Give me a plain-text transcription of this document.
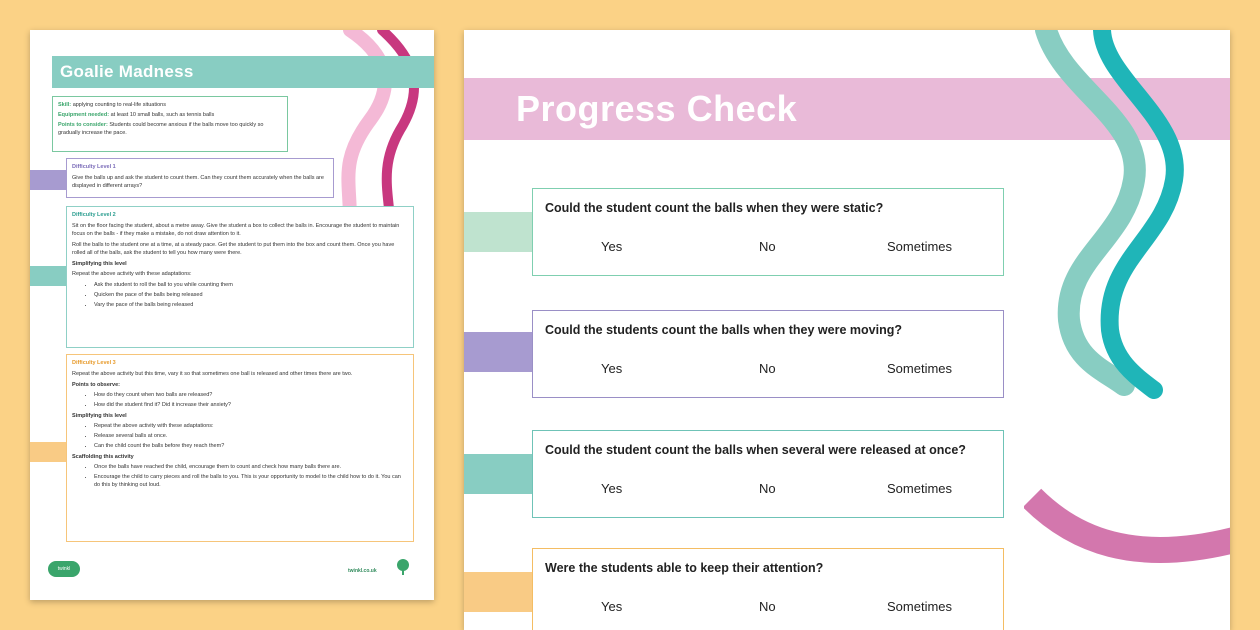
Goalie Madness
Skill: applying counting to real-life situations
Equipment needed: at least 10 small balls, such as tennis balls
Points to consider: Students could become anxious if the balls move too quickly so gradually increase the pace.
Difficulty Level 1
Give the balls up and ask the student to count them. Can they count them accurately when the balls are displayed in different arrays?
Difficulty Level 2
Sit on the floor facing the student, about a metre away. Give the student a box to collect the balls in. Encourage the student to maintain focus on the balls - if they make a mistake, do not draw attention to it.
Roll the balls to the student one at a time, at a steady pace. Get the student to put them into the box and count them. Once you have rolled all of the balls, ask the student to tell you how many were there.
Simplifying this level
Repeat the above activity with these adaptations:
• Ask the student to roll the ball to you while counting them
• Quicken the pace of the balls being released
• Vary the pace of the balls being released
Difficulty Level 3
Repeat the above activity but this time, vary it so that sometimes one ball is released and other times there are two.
Points to observe:
• How do they count when two balls are released?
• How did the student find it? Did it increase their anxiety?
Simplifying this level
• Repeat the above activity with these adaptations:
• Release several balls at once.
• Can the child count the balls before they reach them?
Scaffolding this activity
• Once the balls have reached the child, encourage them to count and check how many balls there are.
• Encourage the child to carry pieces and roll the balls to you. This is your opportunity to model to the child how to do it. You can do this by thinking out loud.
twinkl	twinkl.co.uk
Progress Check
Could the student count the balls when they were static?
Yes	No	Sometimes
Could the students count the balls when they were moving?
Yes	No	Sometimes
Could the student count the balls when several were released at once?
Yes	No	Sometimes
Were the students able to keep their attention?
Yes	No	Sometimes
